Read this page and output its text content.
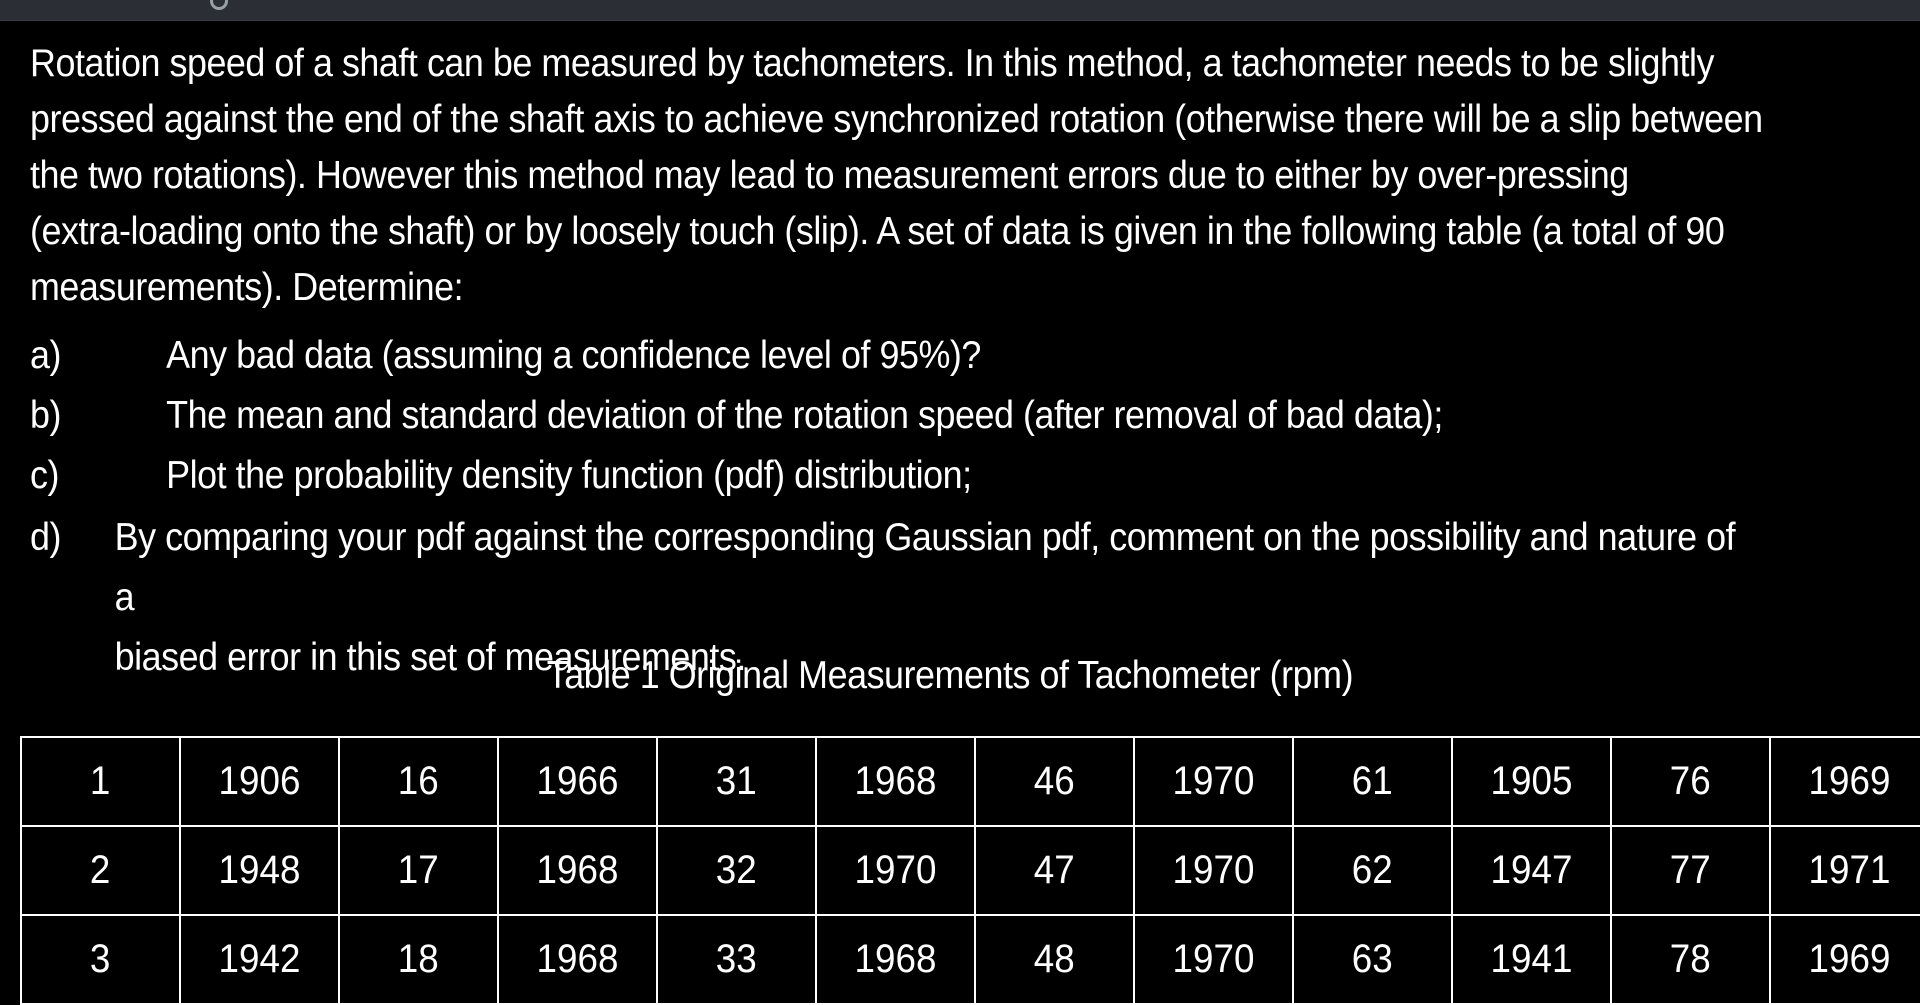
Rotation speed of a shaft can be measured by tachometers. In this method, a tachometer needs to be slightly

pressed against the end of the shaft axis to achieve synchronized rotation (otherwise there will be a slip between

the two rotations). However this method may lead to measurement errors due to either by over-pressing

(extra-loading onto the shaft) or by loosely touch (slip). A set of data is given in the following table (a total of 90

measurements). Determine:

a)	Any bad data (assuming a confidence level of 95%)?
b)	The mean and standard deviation of the rotation speed (after removal of bad data);
c)	Plot the probability density function (pdf) distribution;
d)	By comparing your pdf against the corresponding Gaussian pdf, comment on the possibility and nature of a
biased error in this set of measurements.
Table 1 Original Measurements of Tachometer (rpm)
1	1906	16	1966	31	1968	46	1970	61	1905	76	1969
2	1948	17	1968	32	1970	47	1970	62	1947	77	1971
3	1942	18	1968	33	1968	48	1970	63	1941	78	1969
